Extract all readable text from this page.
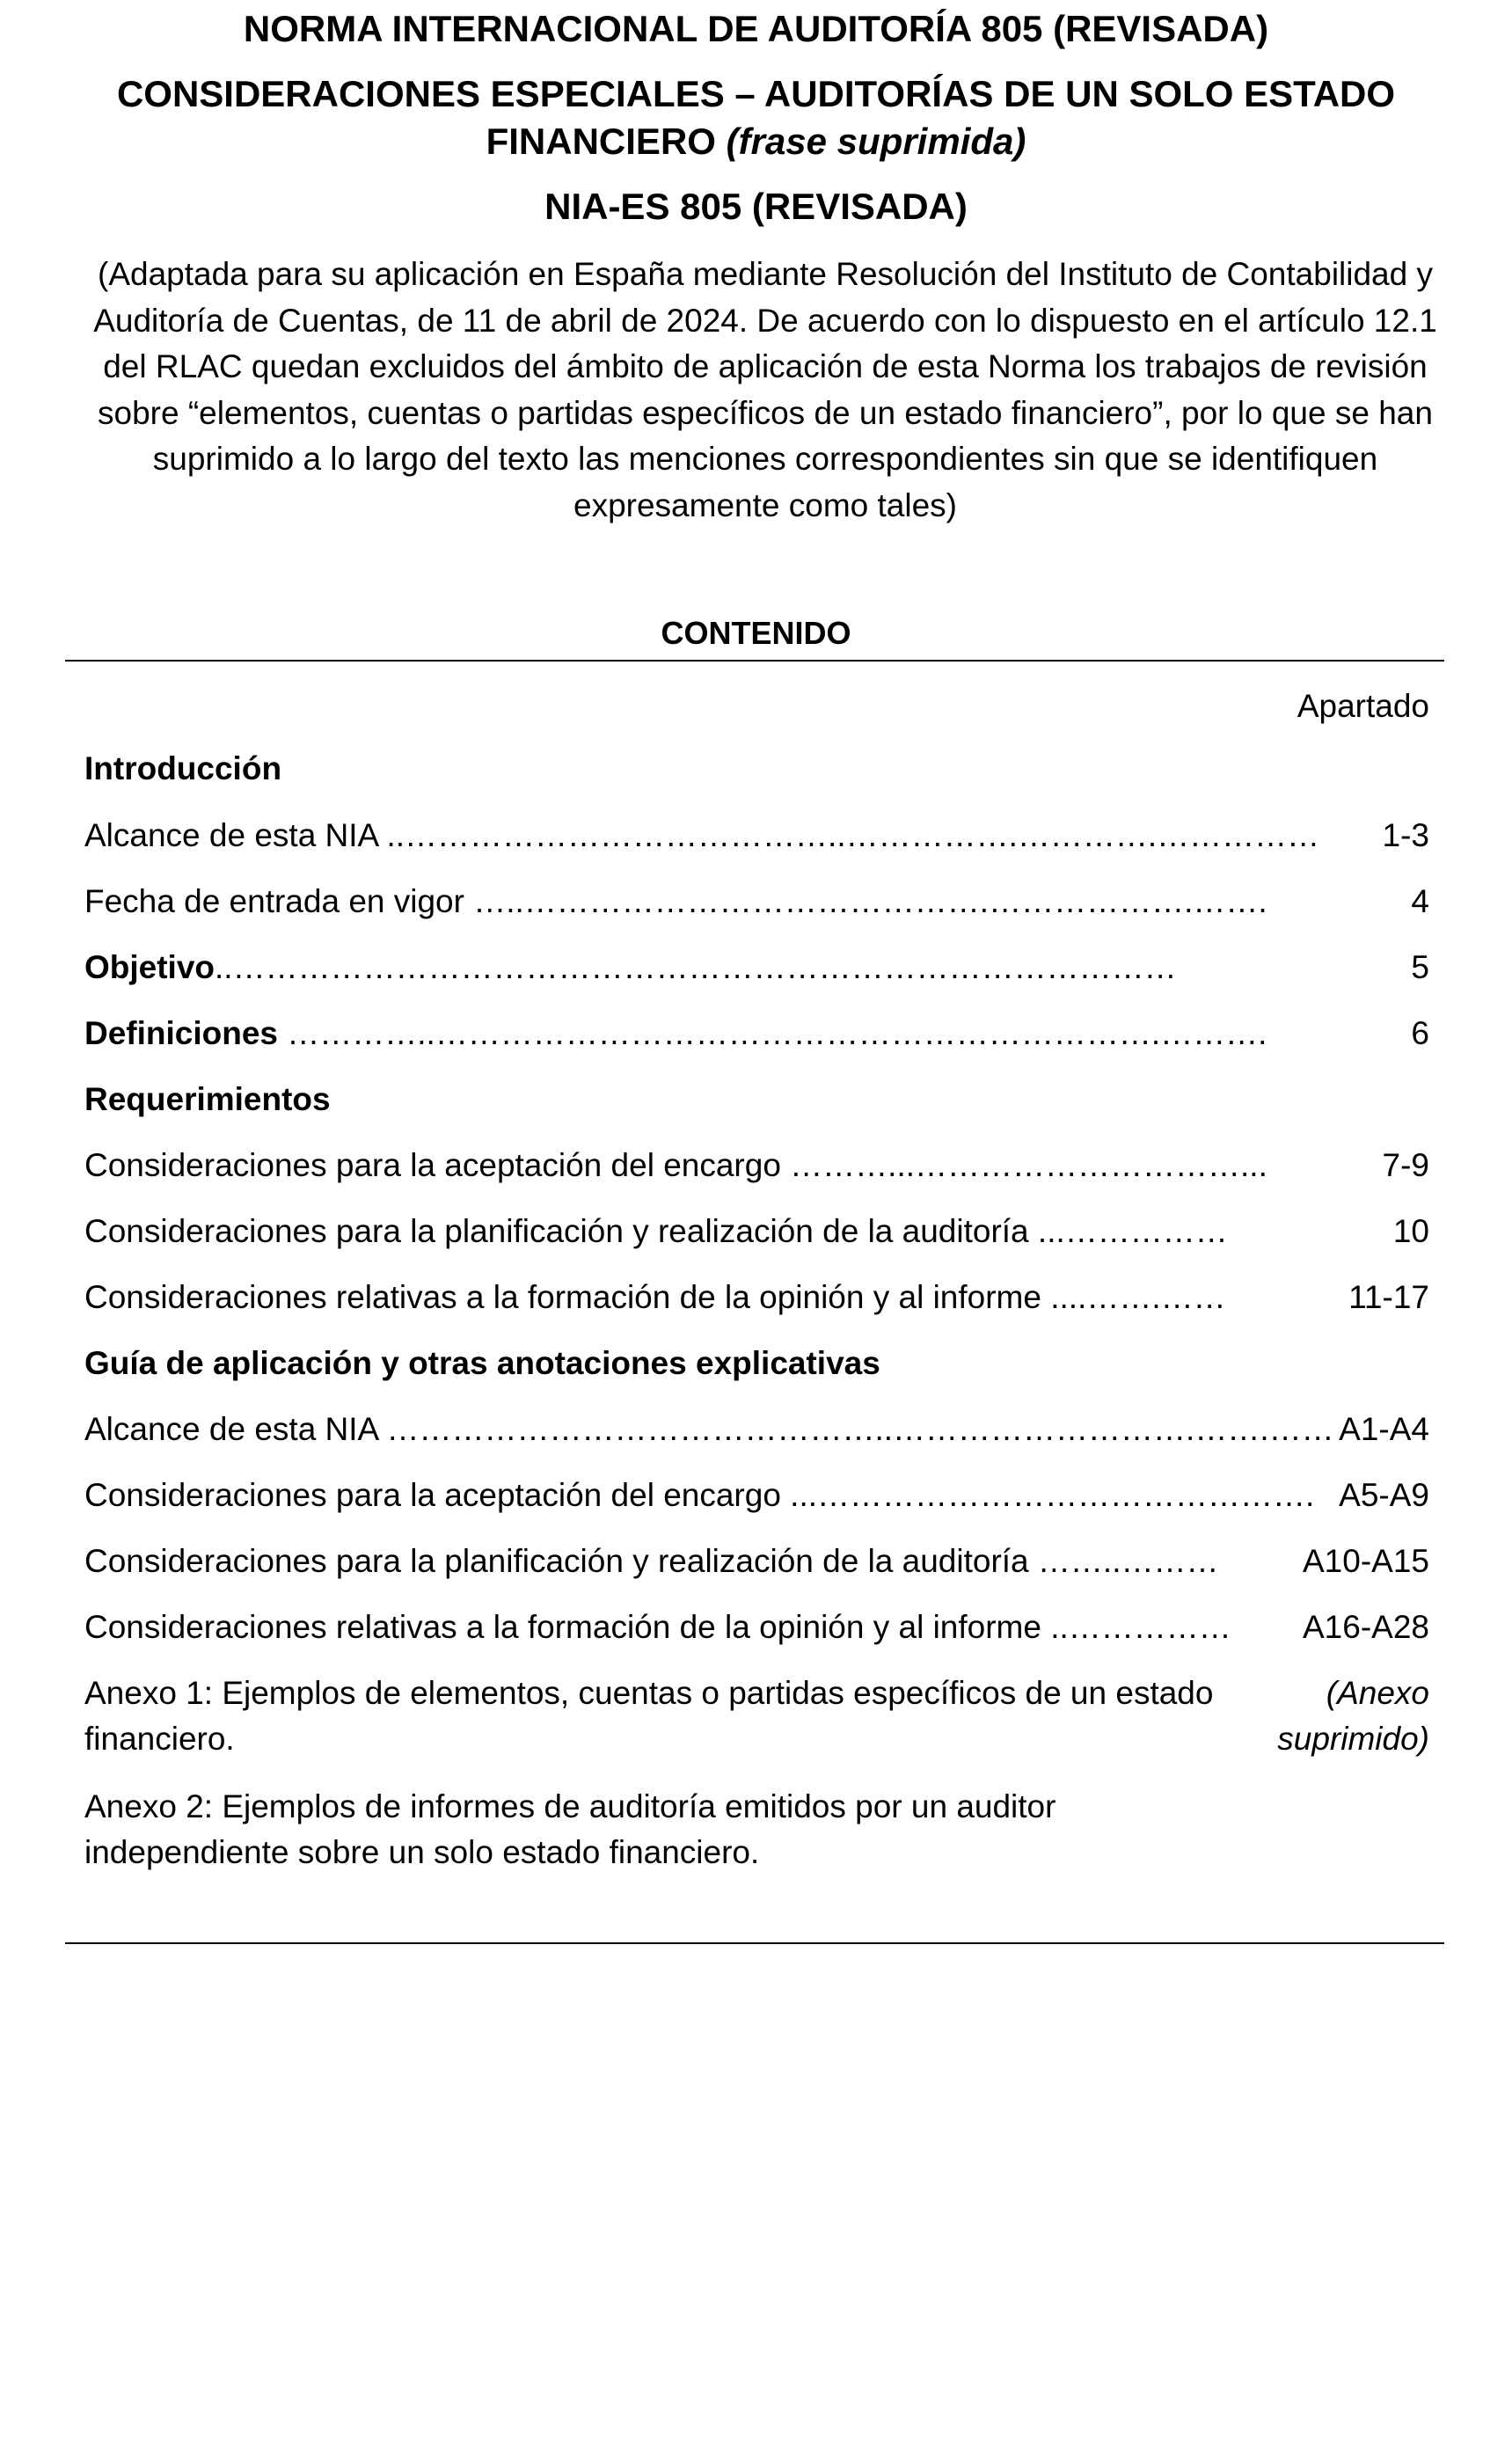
NORMA INTERNACIONAL DE AUDITORÍA 805 (REVISADA)
CONSIDERACIONES ESPECIALES – AUDITORÍAS DE UN SOLO ESTADO
FINANCIERO (frase suprimida)
NIA-ES 805 (REVISADA)
(Adaptada para su aplicación en España mediante Resolución del Instituto de Contabilidad y
Auditoría de Cuentas, de 11 de abril de 2024. De acuerdo con lo dispuesto en el artículo 12.1
del RLAC quedan excluidos del ámbito de aplicación de esta Norma los trabajos de revisión
sobre “elementos, cuentas o partidas específicos de un estado financiero”, por lo que se han
suprimido a lo largo del texto las menciones correspondientes sin que se identifiquen
expresamente como tales)
CONTENIDO
Apartado
Introducción
Alcance de esta NIA ..…………………………………..…………….………….…………… 1-3
Fecha de entrada en vigor …..…………………………………….……………….…….	4
Objetivo..……………………………………………………………………………	5
Definiciones …………..………………………………………………………….……….	6
Requerimientos
Consideraciones para la aceptación del encargo ………...…………………………...	7-9
Consideraciones para la planificación y realización de la auditoría ...……………	10
Consideraciones relativas a la formación de la opinión y al informe ....…….……	11-17
Guía de aplicación y otras anotaciones explicativas
Alcance de esta NIA ………………………………………..……………………….…….…… A1-A4
Consideraciones para la aceptación del encargo ...………………………………………. A5-A9
Consideraciones para la planificación y realización de la auditoría ……..………	A10-A15
Consideraciones relativas a la formación de la opinión y al informe ..…………… A16-A28
Anexo 1: Ejemplos de elementos, cuentas o partidas específicos de un estado financiero.
(Anexo suprimido)
Anexo 2: Ejemplos de informes de auditoría emitidos por un auditor independiente sobre un solo estado financiero.
